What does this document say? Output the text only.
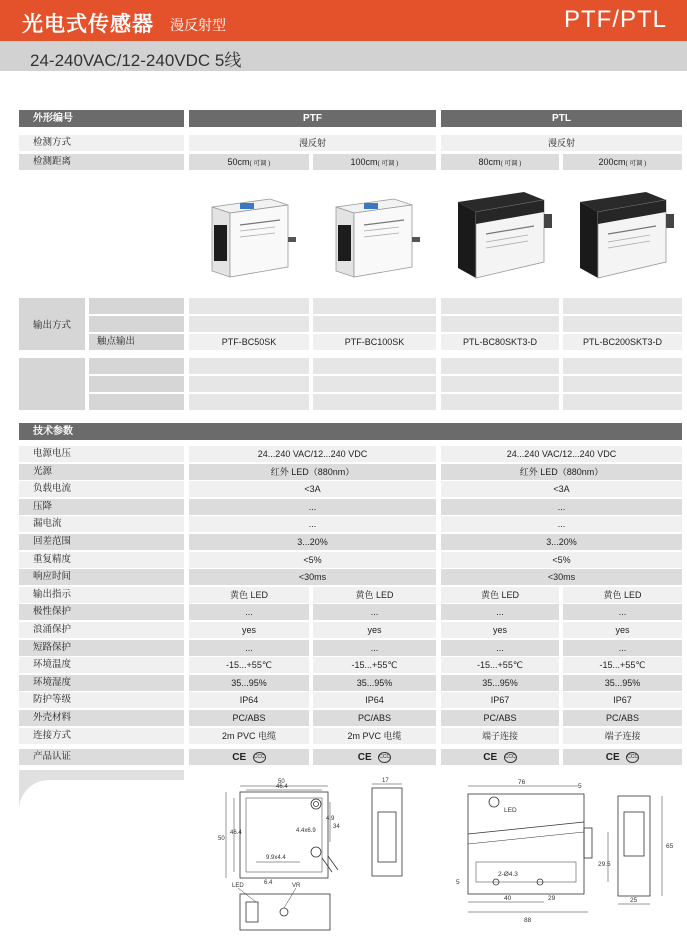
光电式传感器 漫反射型	PTF/PTL
24-240VAC/12-240VDC 5线
外形编号	PTF	PTL
检测方式	漫反射	漫反射
检测距离	50cm( 可调 )	100cm( 可调 )	80cm( 可调 )	200cm( 可调 )
输出方式
触点输出	PTF-BC50SK	PTF-BC100SK	PTL-BC80SKT3-D	PTL-BC200SKT3-D
技术参数
电源电压	24...240 VAC/12...240 VDC	24...240 VAC/12...240 VDC
光源	红外 LED（880nm）	红外 LED（880nm）
负载电流	<3A	<3A
压降	...	...
漏电流	...	...
回差范围	3...20%	3...20%
重复精度	<5%	<5%
响应时间	<30ms	<30ms
输出指示	黄色 LED	黄色 LED	黄色 LED	黄色 LED
极性保护	...	...	...	...
浪涌保护	yes	yes	yes	yes
短路保护	...	...	...	...
环境温度	-15...+55℃	-15...+55℃	-15...+55℃	-15...+55℃
环境湿度	35...95%	35...95%	35...95%	35...95%
防护等级	IP64	IP64	IP67	IP67
外壳材料	PC/ABS	PC/ABS	PC/ABS	PC/ABS
连接方式	2m PVC 电缆	2m PVC 电缆	端子连接	端子连接
产品认证	CE CCC	CE CCC	CE CCC	CE CCC
50
46.4
17
50
46.4	4.4x6.9
4.9
34
9.9x4.4
6.4
LED	VR
76
5
65
2-Ø4.3
29.5
40	29
5
88
25
LED
